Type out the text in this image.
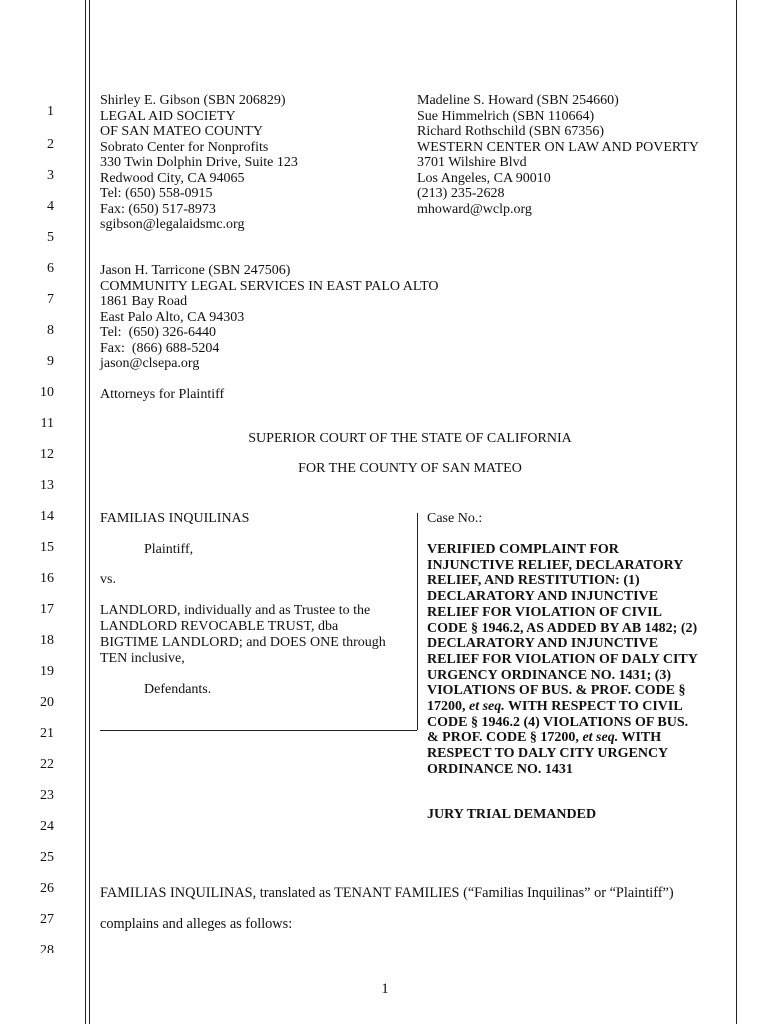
1
2
3
4
5
6
7
8
9
10
11
12
13
14
15
16
17
18
19
20
21
22
23
24
25
26
27
28
Shirley E. Gibson (SBN 206829)
LEGAL AID SOCIETY
OF SAN MATEO COUNTY
Sobrato Center for Nonprofits
330 Twin Dolphin Drive, Suite 123
Redwood City, CA 94065
Tel: (650) 558-0915
Fax: (650) 517-8973
sgibson@legalaidsmc.org
Madeline S. Howard (SBN 254660)
Sue Himmelrich (SBN 110664)
Richard Rothschild (SBN 67356)
WESTERN CENTER ON LAW AND POVERTY
3701 Wilshire Blvd
Los Angeles, CA 90010
(213) 235-2628
mhoward@wclp.org
Jason H. Tarricone (SBN 247506)
COMMUNITY LEGAL SERVICES IN EAST PALO ALTO
1861 Bay Road
East Palo Alto, CA 94303
Tel:  (650) 326-6440
Fax:  (866) 688-5204
jason@clsepa.org
Attorneys for Plaintiff
SUPERIOR COURT OF THE STATE OF CALIFORNIA
FOR THE COUNTY OF SAN MATEO
FAMILIAS INQUILINAS
Plaintiff,
vs.
LANDLORD, individually and as Trustee to the
LANDLORD REVOCABLE TRUST, dba
BIGTIME LANDLORD; and DOES ONE through
TEN inclusive,
Defendants.
Case No.:
VERIFIED COMPLAINT FOR
INJUNCTIVE RELIEF, DECLARATORY
RELIEF, AND RESTITUTION: (1)
DECLARATORY AND INJUNCTIVE
RELIEF FOR VIOLATION OF CIVIL
CODE § 1946.2, AS ADDED BY AB 1482; (2)
DECLARATORY AND INJUNCTIVE
RELIEF FOR VIOLATION OF DALY CITY
URGENCY ORDINANCE NO. 1431; (3)
VIOLATIONS OF BUS. & PROF. CODE §
17200, et seq. WITH RESPECT TO CIVIL
CODE § 1946.2 (4) VIOLATIONS OF BUS.
& PROF. CODE § 17200, et seq. WITH
RESPECT TO DALY CITY URGENCY
ORDINANCE NO. 1431
JURY TRIAL DEMANDED
FAMILIAS INQUILINAS, translated as TENANT FAMILIES (“Familias Inquilinas” or “Plaintiff”)
complains and alleges as follows:
1
